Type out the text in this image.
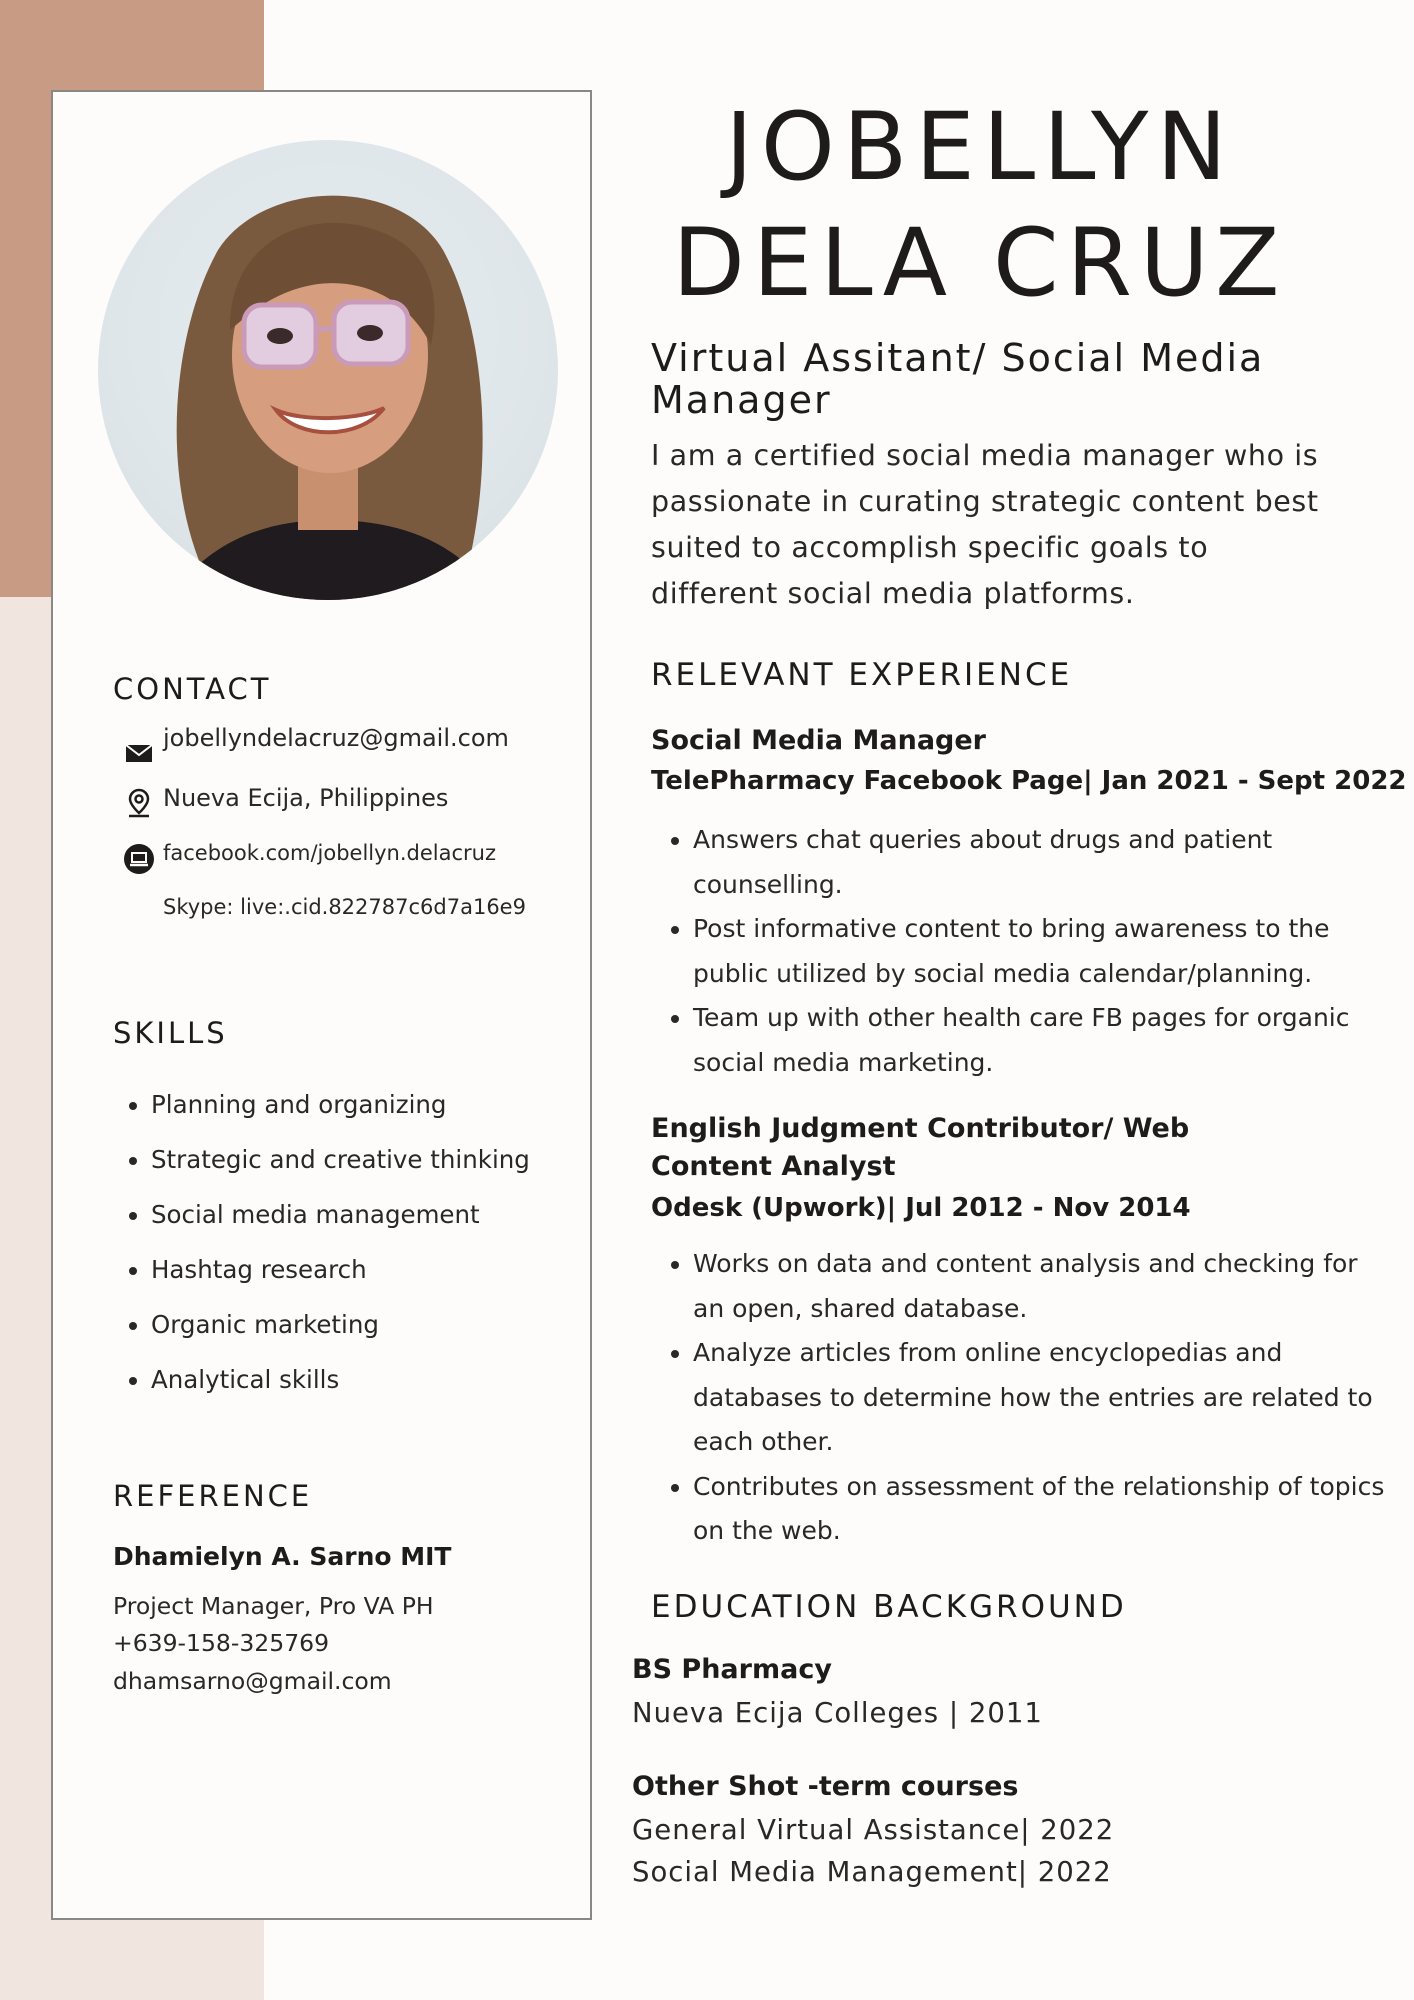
CONTACT
jobellyndelacruz@gmail.com
Nueva Ecija, Philippines
facebook.com/jobellyn.delacruz
Skype: live:.cid.822787c6d7a16e9
SKILLS
• Planning and organizing
• Strategic and creative thinking
• Social media management
• Hashtag research
• Organic marketing
• Analytical skills
REFERENCE
Dhamielyn A. Sarno MIT
Project Manager, Pro VA PH
+639-158-325769
dhamsarno@gmail.com
JOBELLYN
DELA CRUZ
Virtual Assitant/ Social Media Manager

I am a certified social media manager who is passionate in curating strategic content best suited to accomplish specific goals to different social media platforms.

RELEVANT EXPERIENCE
Social Media Manager
TelePharmacy Facebook Page| Jan 2021 - Sept 2022
• Answers chat queries about drugs and patient counselling.
• Post informative content to bring awareness to the public utilized by social media calendar/planning.
• Team up with other health care FB pages for organic social media marketing.
English Judgment Contributor/ Web Content Analyst
Odesk (Upwork)| Jul 2012 - Nov 2014
• Works on data and content analysis and checking for an open, shared database.
• Analyze articles from online encyclopedias and databases to determine how the entries are related to each other.
• Contributes on assessment of the relationship of topics on the web.
EDUCATION BACKGROUND
BS Pharmacy
Nueva Ecija Colleges | 2011
Other Shot -term courses
General Virtual Assistance| 2022
Social Media Management| 2022
